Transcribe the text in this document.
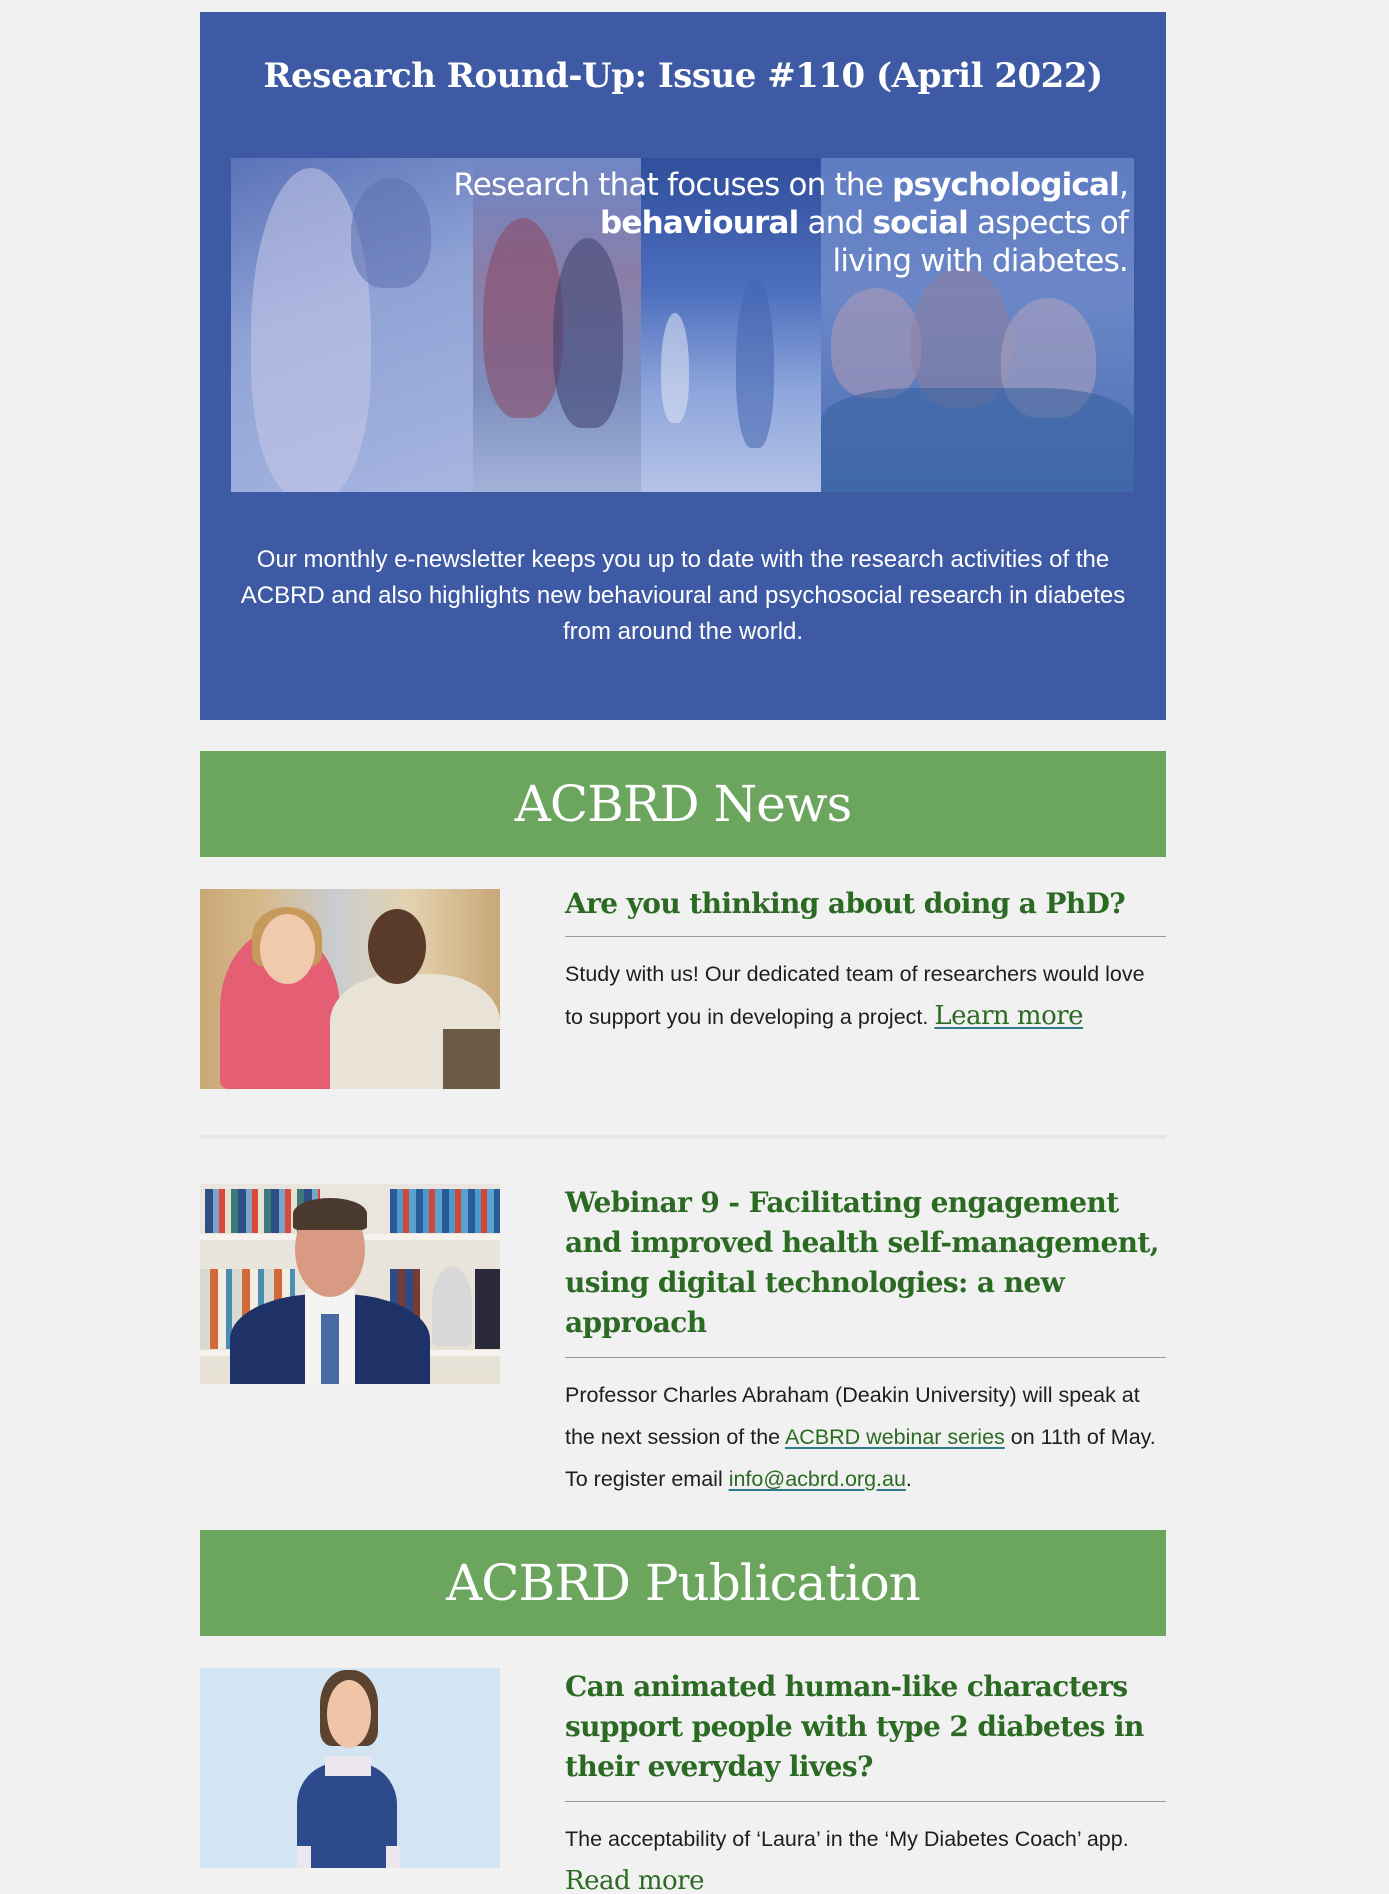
Research Round-Up: Issue #110 (April 2022)
Research that focuses on the psychological,
behavioural and social aspects of
living with diabetes.
Our monthly e-newsletter keeps you up to date with the research activities of the ACBRD and also highlights new behavioural and psychosocial research in diabetes from around the world.
ACBRD News
Are you thinking about doing a PhD?
Study with us! Our dedicated team of researchers would love to support you in developing a project. Learn more
Webinar 9 - Facilitating engagement and improved health self-management, using digital technologies: a new approach
Professor Charles Abraham (Deakin University) will speak at the next session of the ACBRD webinar series on 11th of May. To register email info@acbrd.org.au.
ACBRD Publication
Can animated human-like characters support people with type 2 diabetes in their everyday lives?
The acceptability of ‘Laura’ in the ‘My Diabetes Coach’ app. Read more
